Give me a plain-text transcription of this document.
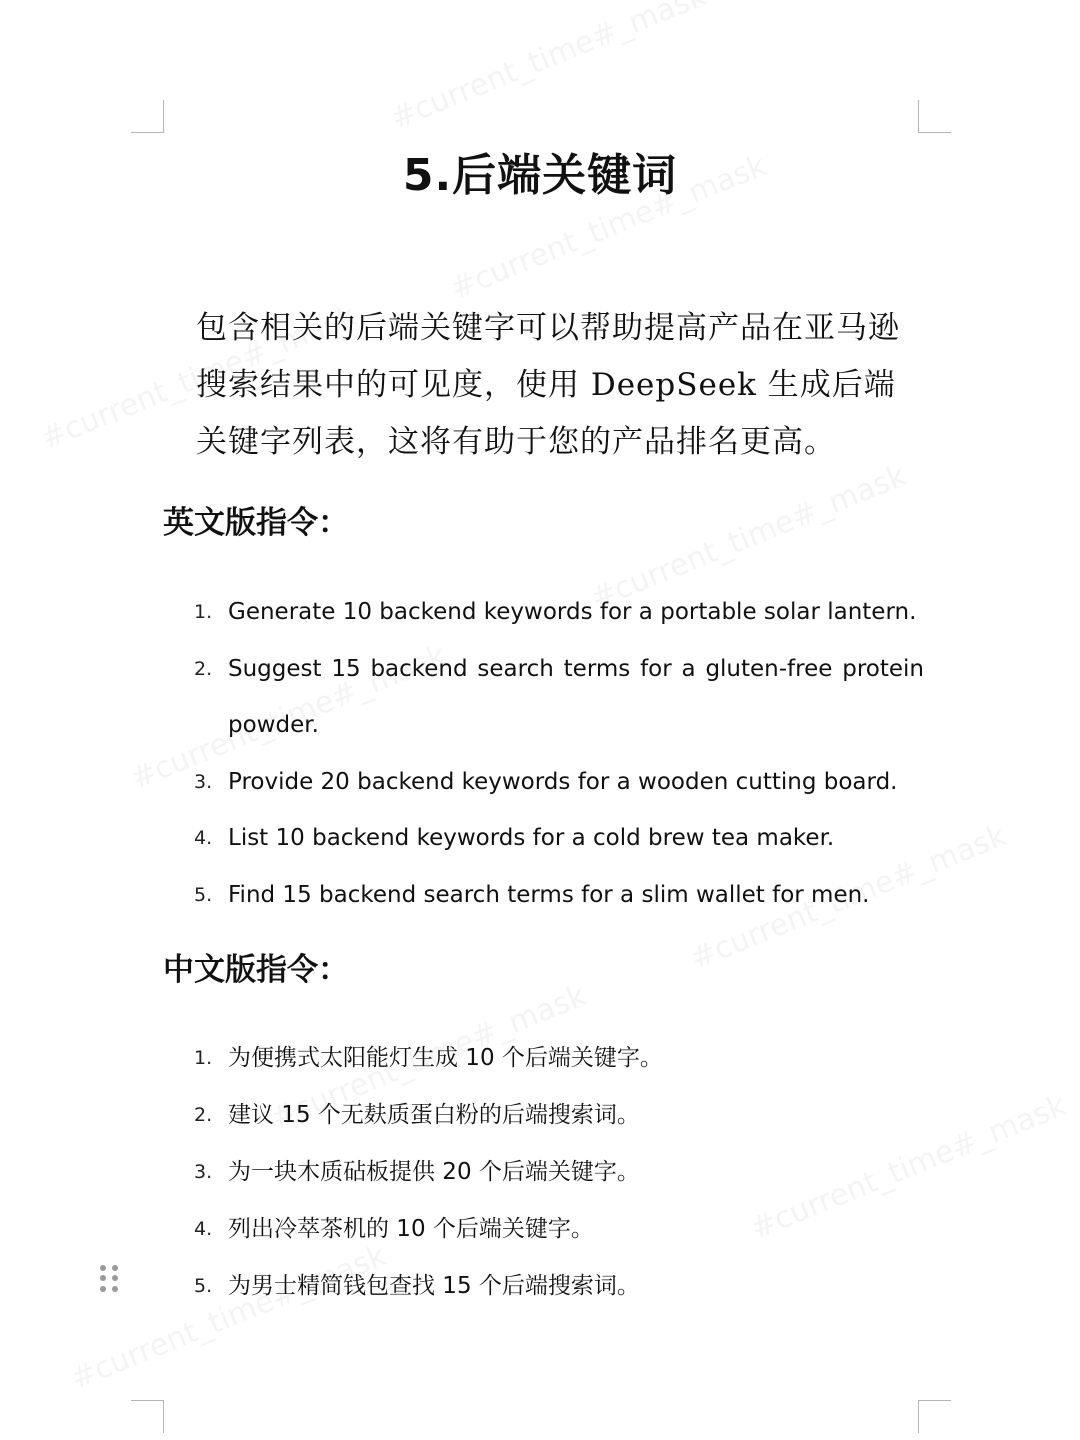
5.后端关键词

包含相关的后端关键字可以帮助提高产品在亚马逊搜索结果中的可见度，使用 DeepSeek 生成后端关键字列表，这将有助于您的产品排名更高。

英文版指令：
1. Generate 10 backend keywords for a portable solar lantern.
2. Suggest 15 backend search terms for a gluten-free protein powder.
3. Provide 20 backend keywords for a wooden cutting board.
4. List 10 backend keywords for a cold brew tea maker.
5. Find 15 backend search terms for a slim wallet for men.
中文版指令：
1. 为便携式太阳能灯生成 10 个后端关键字。
2. 建议 15 个无麸质蛋白粉的后端搜索词。
3. 为一块木质砧板提供 20 个后端关键字。
4. 列出冷萃茶机的 10 个后端关键字。
5. 为男士精简钱包查找 15 个后端搜索词。
